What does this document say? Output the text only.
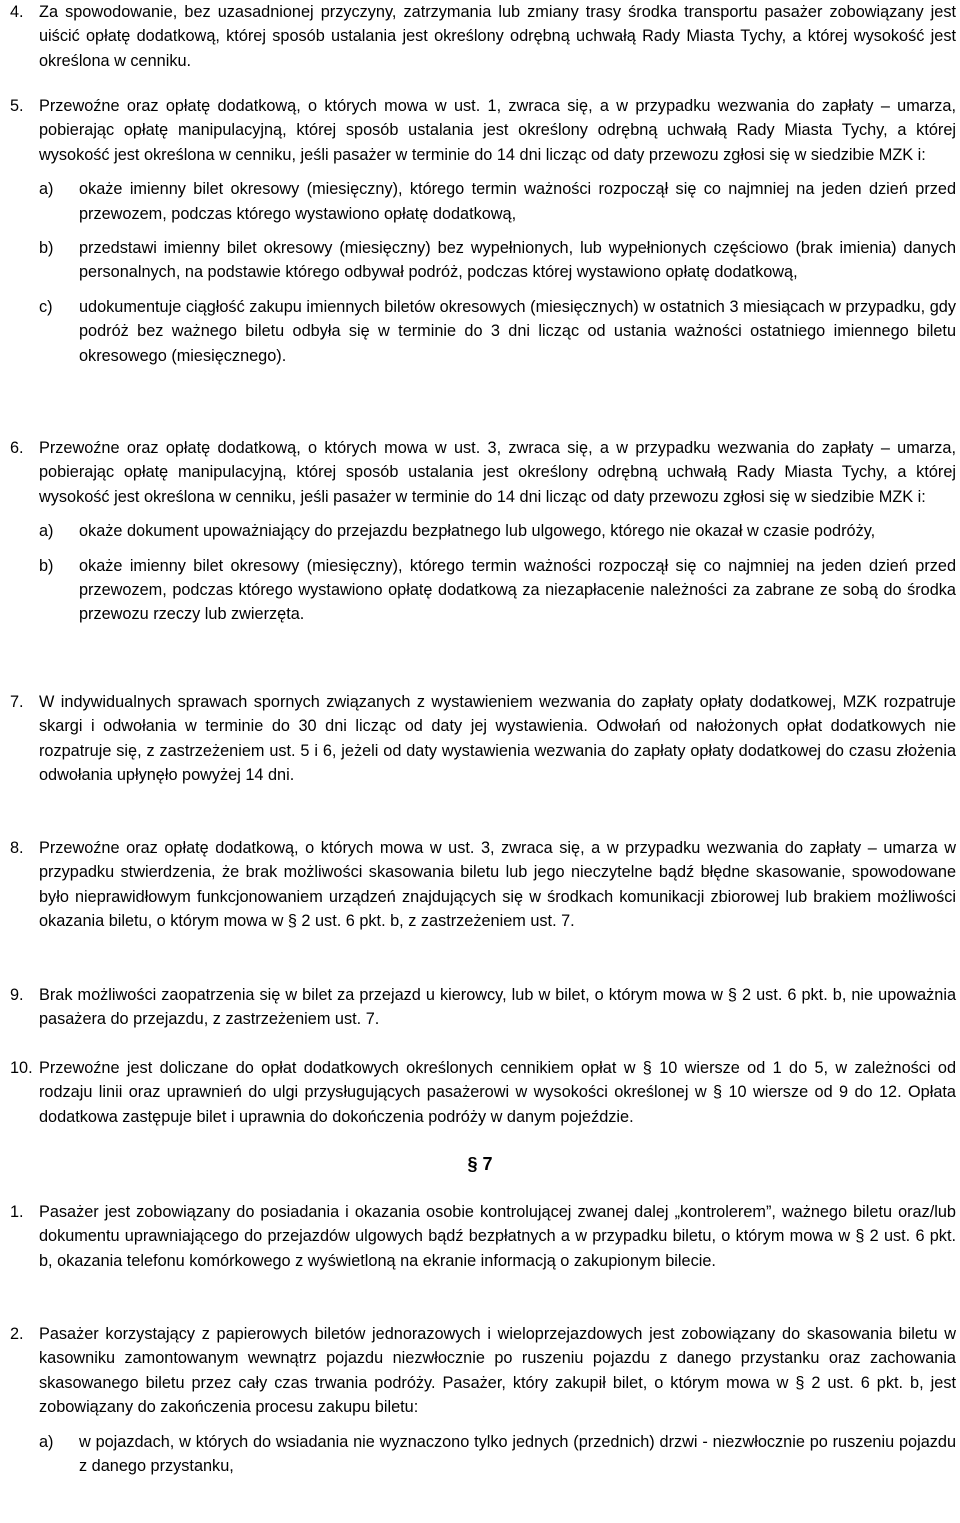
4. Za spowodowanie, bez uzasadnionej przyczyny, zatrzymania lub zmiany trasy środka transportu pasażer zobowiązany jest uiścić opłatę dodatkową, której sposób ustalania jest określony odrębną uchwałą Rady Miasta Tychy, a której wysokość jest określona w cenniku.
5. Przewoźne oraz opłatę dodatkową, o których mowa w ust. 1, zwraca się, a w przypadku wezwania do zapłaty – umarza, pobierając opłatę manipulacyjną, której sposób ustalania jest określony odrębną uchwałą Rady Miasta Tychy, a której wysokość jest określona w cenniku, jeśli pasażer w terminie do 14 dni licząc od daty przewozu zgłosi się w siedzibie MZK i:
a) okaże imienny bilet okresowy (miesięczny), którego termin ważności rozpoczął się co najmniej na jeden dzień przed przewozem, podczas którego wystawiono opłatę dodatkową,
b) przedstawi imienny bilet okresowy (miesięczny) bez wypełnionych, lub wypełnionych częściowo (brak imienia) danych personalnych, na podstawie którego odbywał podróż, podczas której wystawiono opłatę dodatkową,
c) udokumentuje ciągłość zakupu imiennych biletów okresowych (miesięcznych) w ostatnich 3 miesiącach w przypadku, gdy podróż bez ważnego biletu odbyła się w terminie do 3 dni licząc od ustania ważności ostatniego imiennego biletu okresowego (miesięcznego).
6. Przewoźne oraz opłatę dodatkową, o których mowa w ust. 3, zwraca się, a w przypadku wezwania do zapłaty – umarza, pobierając opłatę manipulacyjną, której sposób ustalania jest określony odrębną uchwałą Rady Miasta Tychy, a której wysokość jest określona w cenniku, jeśli pasażer w terminie do 14 dni licząc od daty przewozu zgłosi się w siedzibie MZK i:
a) okaże dokument upoważniający do przejazdu bezpłatnego lub ulgowego, którego nie okazał w czasie podróży,
b) okaże imienny bilet okresowy (miesięczny), którego termin ważności rozpoczął się co najmniej na jeden dzień przed przewozem, podczas którego wystawiono opłatę dodatkową za niezapłacenie należności za zabrane ze sobą do środka przewozu rzeczy lub zwierzęta.
7. W indywidualnych sprawach spornych związanych z wystawieniem wezwania do zapłaty opłaty dodatkowej, MZK rozpatruje skargi i odwołania w terminie do 30 dni licząc od daty jej wystawienia. Odwołań od nałożonych opłat dodatkowych nie rozpatruje się, z zastrzeżeniem ust. 5 i 6, jeżeli od daty wystawienia wezwania do zapłaty opłaty dodatkowej do czasu złożenia odwołania upłynęło powyżej 14 dni.
8. Przewoźne oraz opłatę dodatkową, o których mowa w ust. 3, zwraca się, a w przypadku wezwania do zapłaty – umarza w przypadku stwierdzenia, że brak możliwości skasowania biletu lub jego nieczytelne bądź błędne skasowanie, spowodowane było nieprawidłowym funkcjonowaniem urządzeń znajdujących się w środkach komunikacji zbiorowej lub brakiem możliwości okazania biletu, o którym mowa w § 2 ust. 6 pkt. b, z zastrzeżeniem ust. 7.
9. Brak możliwości zaopatrzenia się w bilet za przejazd u kierowcy, lub w bilet, o którym mowa w § 2 ust. 6 pkt. b, nie upoważnia pasażera do przejazdu, z zastrzeżeniem ust. 7.
10. Przewoźne jest doliczane do opłat dodatkowych określonych cennikiem opłat w § 10 wiersze od 1 do 5, w zależności od rodzaju linii oraz uprawnień do ulgi przysługujących pasażerowi w wysokości określonej w § 10 wiersze od 9 do 12. Opłata dodatkowa zastępuje bilet i uprawnia do dokończenia podróży w danym pojeździe.
§ 7
1. Pasażer jest zobowiązany do posiadania i okazania osobie kontrolującej zwanej dalej „kontrolerem”, ważnego biletu oraz/lub dokumentu uprawniającego do przejazdów ulgowych bądź bezpłatnych a w przypadku biletu, o którym mowa w § 2 ust. 6 pkt. b, okazania telefonu komórkowego z wyświetloną na ekranie informacją o zakupionym bilecie.
2. Pasażer korzystający z papierowych biletów jednorazowych i wieloprzejazdowych jest zobowiązany do skasowania biletu w kasowniku zamontowanym wewnątrz pojazdu niezwłocznie po ruszeniu pojazdu z danego przystanku oraz zachowania skasowanego biletu przez cały czas trwania podróży. Pasażer, który zakupił bilet, o którym mowa w § 2 ust. 6 pkt. b, jest zobowiązany do zakończenia procesu zakupu biletu:
a) w pojazdach, w których do wsiadania nie wyznaczono tylko jednych (przednich) drzwi - niezwłocznie po ruszeniu pojazdu z danego przystanku,
